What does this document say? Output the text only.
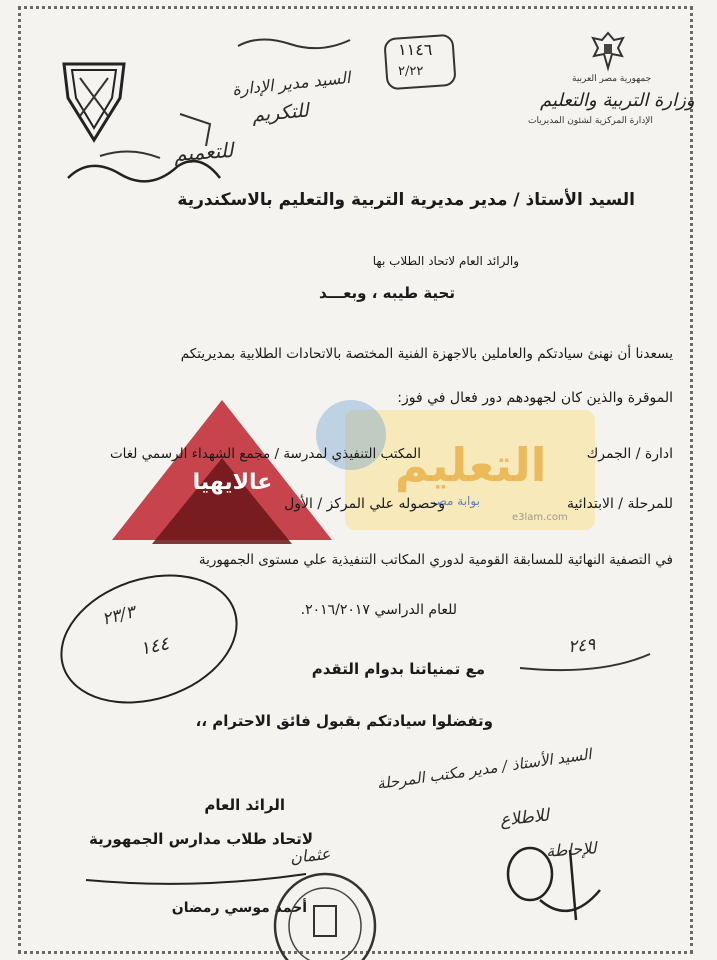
جمهورية مصر العربية
وزارة التربية والتعليم
الإدارة المركزية لشئون المديريات
١١٤٦
٢/٢٢
السيد مدير الإدارة
للتكريم
للتعميم
السيد الأستاذ / مدير مديرية التربية والتعليم بالاسكندرية
والرائد العام لاتحاد الطلاب بها
تحية طيبه ، وبعـــد
يسعدنا أن نهنئ سيادتكم والعاملين بالاجهزة الفنية المختصة بالاتحادات الطلابية بمديريتكم
الموقرة والذين كان لجهودهم دور فعال في فوز:
عالايهيا	التعليم
بوابة مصر
e3lam.com
المكتب التنفيذي لمدرسة / مجمع الشهداء الرسمي لغات	ادارة / الجمرك
وحصوله علي المركز / الأول	للمرحلة / الابتدائية
في التصفية النهائية للمسابقة القومية لدوري المكاتب التنفيذية علي مستوى الجمهورية
للعام الدراسي ٢٠١٦/٢٠١٧.
٢٣/٣
١٤٤	٢٤٩
مع تمنياتنا بدوام التقدم
وتفضلوا سيادتكم بقبول فائق الاحترام ،،
السيد الأستاذ / مدير مكتب المرحلة
للاطلاع
للإحاطة
الرائد العام
لاتحاد طلاب مدارس الجمهورية
عثمان
أحمد موسي رمضان
